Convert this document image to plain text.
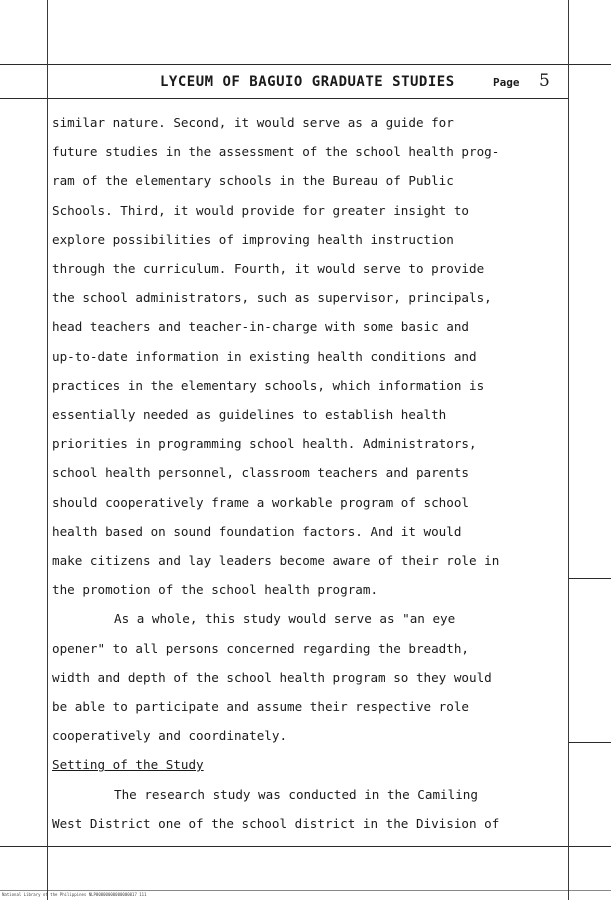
LYCEUM OF BAGUIO GRADUATE STUDIES	Page 5

similar nature. Second, it would serve as a guide for

future studies in the assessment of the school health prog-

ram of the elementary schools in the Bureau of Public

Schools. Third, it would provide for greater insight to

explore possibilities of improving health instruction

through the curriculum. Fourth, it would serve to provide

the school administrators, such as supervisor, principals,

head teachers and teacher-in-charge with some basic and

up-to-date information in existing health conditions and

practices in the elementary schools, which information is

essentially needed as guidelines to establish health

priorities in programming school health. Administrators,

school health personnel, classroom teachers and parents

should cooperatively frame a workable program of school

health based on sound foundation factors. And it would

make citizens and lay leaders become aware of their role in

the promotion of the school health program.

As a whole, this study would serve as "an eye

opener" to all persons concerned regarding the breadth,

width and depth of the school health program so they would

be able to participate and assume their respective role

cooperatively and coordinately.

Setting of the Study

The research study was conducted in the Camiling

West District one of the school district in the Division of

National Library of the Philippines NLP00000000000000017 111
